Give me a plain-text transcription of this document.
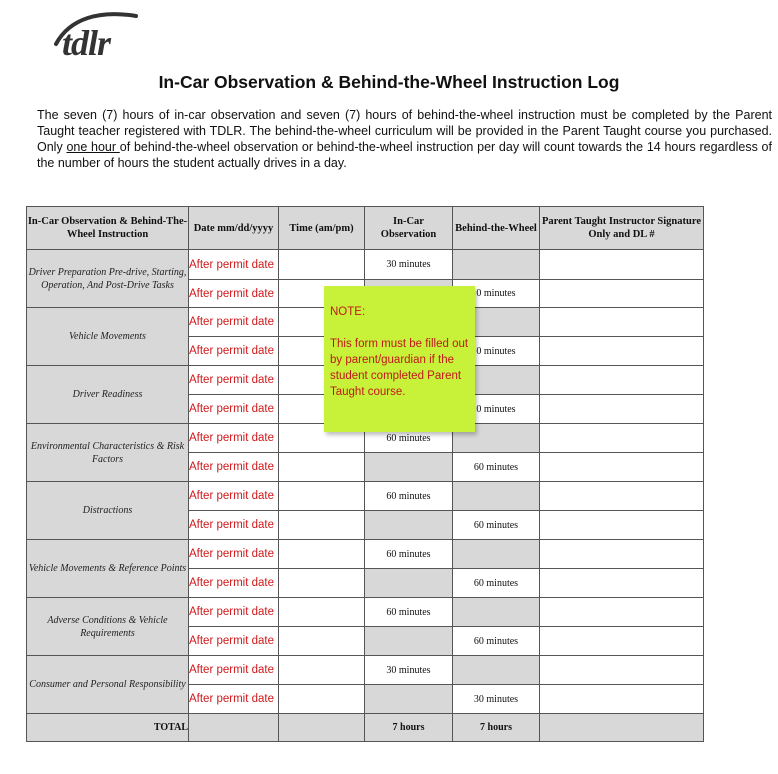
tdlr
In-Car Observation & Behind-the-Wheel Instruction Log
The seven (7) hours of in-car observation and seven (7) hours of behind-the-wheel instruction must be completed by the Parent Taught teacher registered with TDLR. The behind-the-wheel curriculum will be provided in the Parent Taught course you purchased. Only one hour of behind-the-wheel observation or behind-the-wheel instruction per day will count towards the 14 hours regardless of the number of hours the student actually drives in a day.
In-Car Observation & Behind-The-Wheel Instruction	Date mm/dd/yyyy	Time (am/pm)	In-Car Observation	Behind-the-Wheel	Parent Taught Instructor Signature Only and DL #
Driver Preparation Pre-drive, Starting, Operation, And Post-Drive Tasks	After permit date		30 minutes		
	After permit date			0 minutes	
Vehicle Movements	After permit date				
	After permit date			0 minutes	
Driver Readiness	After permit date				
	After permit date			0 minutes	
Environmental Characteristics & Risk Factors	After permit date		60 minutes		
	After permit date			60 minutes	
Distractions	After permit date		60 minutes		
	After permit date			60 minutes	
Vehicle Movements & Reference Points	After permit date		60 minutes		
	After permit date			60 minutes	
Adverse Conditions & Vehicle Requirements	After permit date		60 minutes		
	After permit date			60 minutes	
Consumer and Personal Responsibility	After permit date		30 minutes		
	After permit date			30 minutes	
TOTAL			7 hours	7 hours	
NOTE:
This form must be filled out by parent/guardian if the student completed Parent Taught course.
